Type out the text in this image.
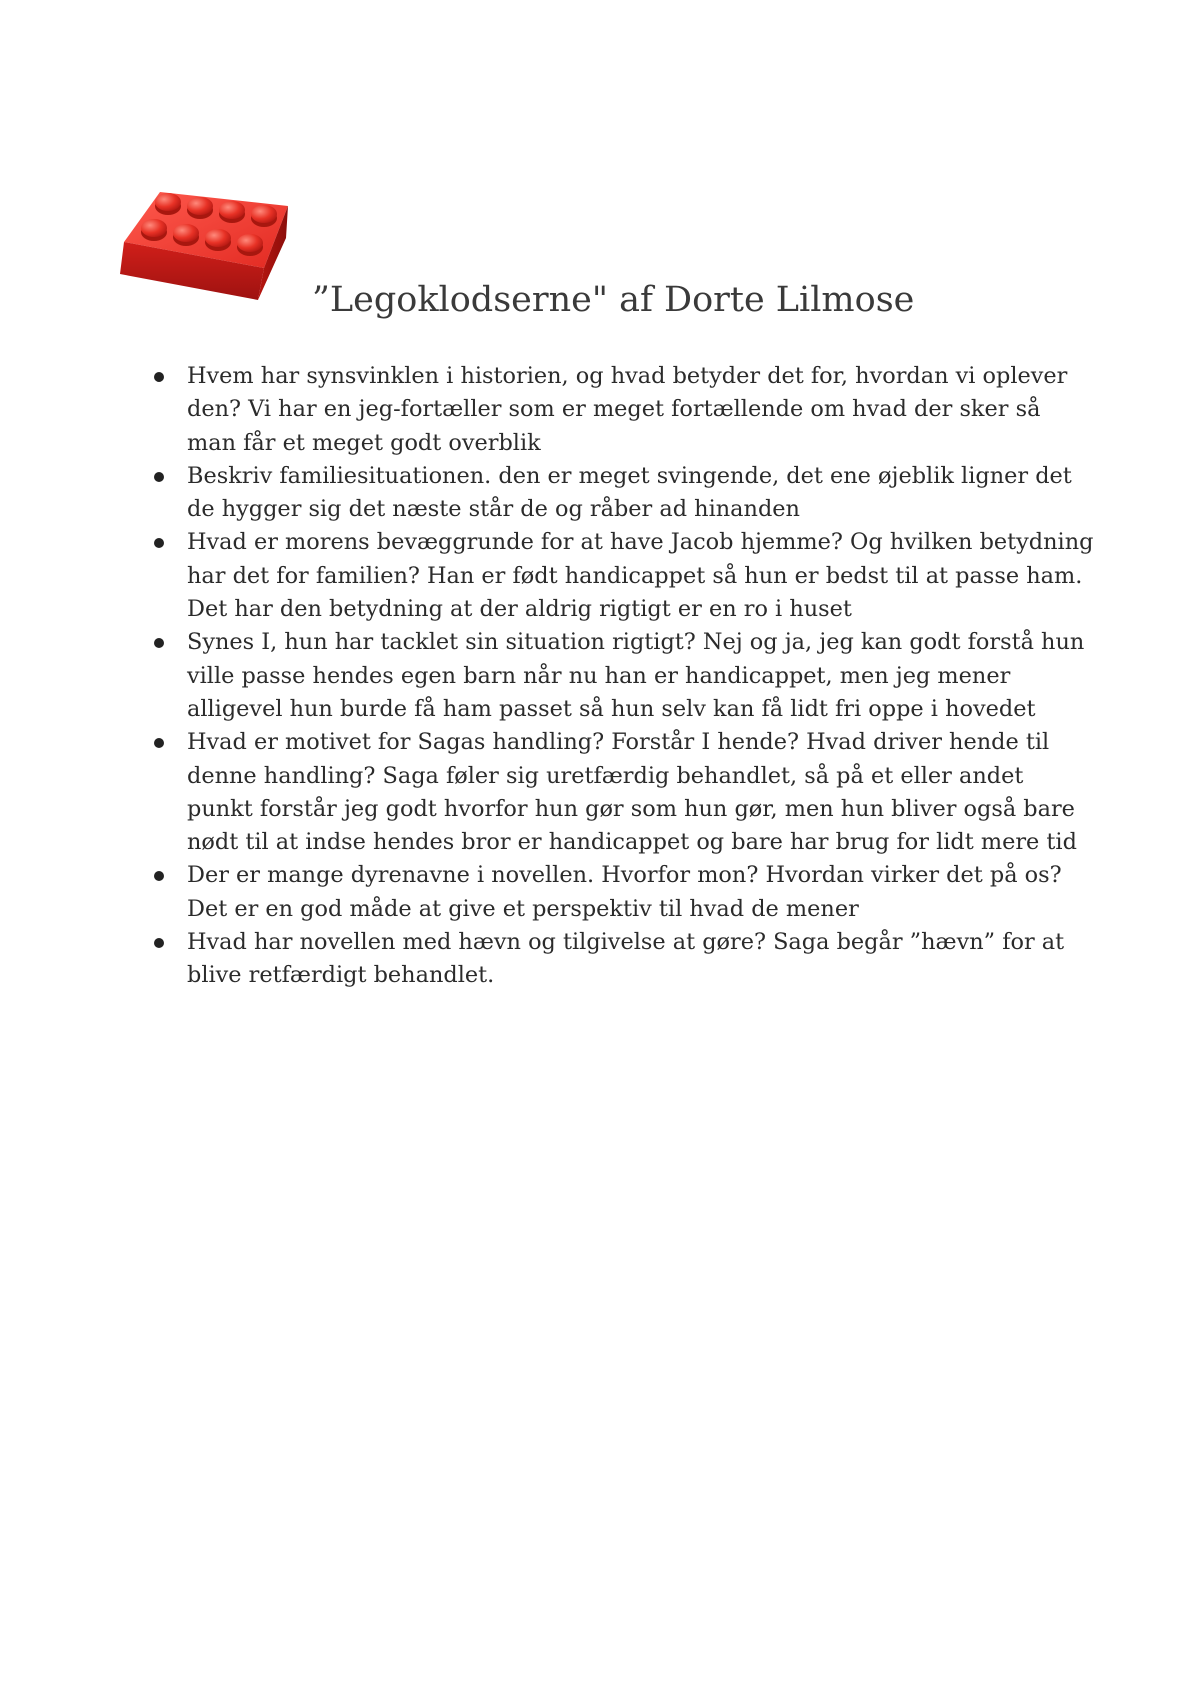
”Legoklodserne" af Dorte Lilmose
Hvem har synsvinklen i historien, og hvad betyder det for, hvordan vi oplever den? Vi har en jeg-fortæller som er meget fortællende om hvad der sker så man får et meget godt overblik
Beskriv familiesituationen. den er meget svingende, det ene øjeblik ligner det de hygger sig det næste står de og råber ad hinanden
Hvad er morens bevæggrunde for at have Jacob hjemme? Og hvilken betydning har det for familien? Han er født handicappet så hun er bedst til at passe ham. Det har den betydning at der aldrig rigtigt er en ro i huset
Synes I, hun har tacklet sin situation rigtigt? Nej og ja, jeg kan godt forstå hun ville passe hendes egen barn når nu han er handicappet, men jeg mener alligevel hun burde få ham passet så hun selv kan få lidt fri oppe i hovedet
Hvad er motivet for Sagas handling? Forstår I hende? Hvad driver hende til denne handling? Saga føler sig uretfærdig behandlet, så på et eller andet punkt forstår jeg godt hvorfor hun gør som hun gør, men hun bliver også bare nødt til at indse hendes bror er handicappet og bare har brug for lidt mere tid
Der er mange dyrenavne i novellen. Hvorfor mon? Hvordan virker det på os? Det er en god måde at give et perspektiv til hvad de mener
Hvad har novellen med hævn og tilgivelse at gøre? Saga begår ”hævn” for at blive retfærdigt behandlet.
